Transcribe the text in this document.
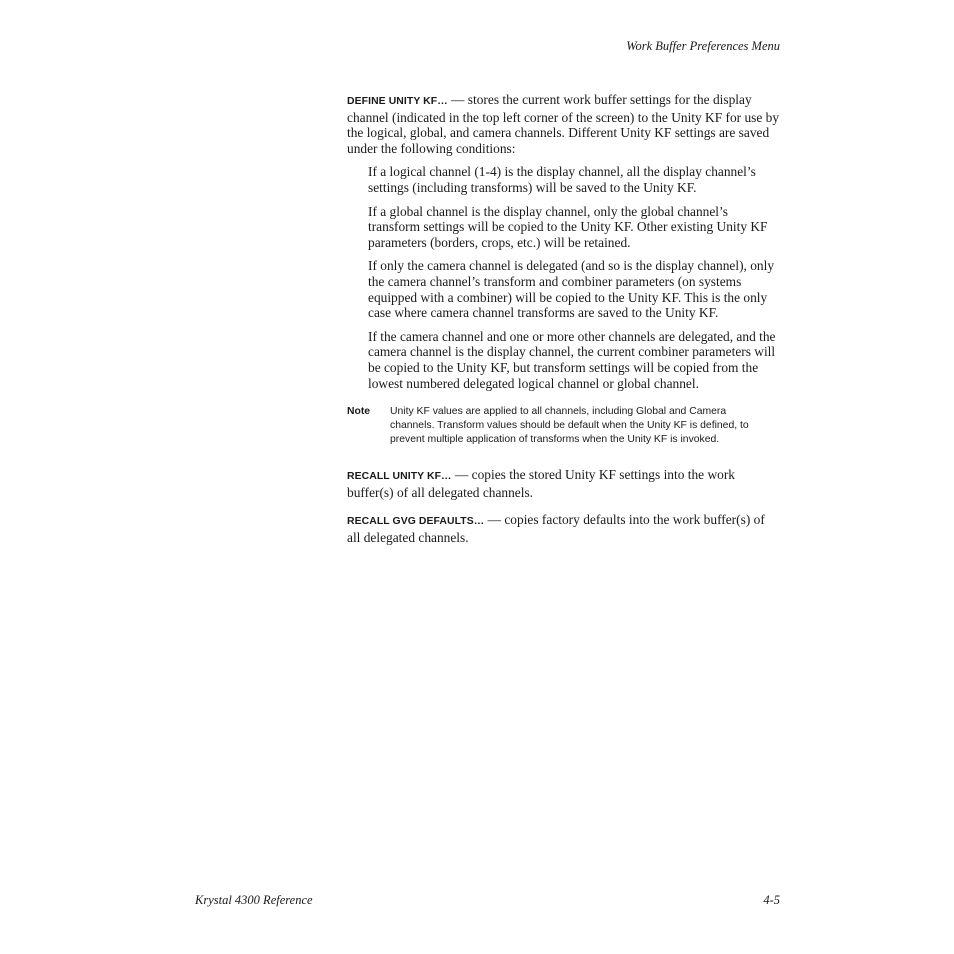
Work Buffer Preferences Menu

DEFINE UNITY KF… — stores the current work buffer settings for the display channel (indicated in the top left corner of the screen) to the Unity KF for use by the logical, global, and camera channels. Different Unity KF settings are saved under the following conditions:

If a logical channel (1-4) is the display channel, all the display channel’s settings (including transforms) will be saved to the Unity KF.

If a global channel is the display channel, only the global channel’s transform settings will be copied to the Unity KF. Other existing Unity KF parameters (borders, crops, etc.) will be retained.

If only the camera channel is delegated (and so is the display channel), only the camera channel’s transform and combiner parameters (on systems equipped with a combiner) will be copied to the Unity KF. This is the only case where camera channel transforms are saved to the Unity KF.

If the camera channel and one or more other channels are delegated, and the camera channel is the display channel, the current combiner parameters will be copied to the Unity KF, but transform settings will be copied from the lowest numbered delegated logical channel or global channel.

Note	Unity KF values are applied to all channels, including Global and Camera channels. Transform values should be default when the Unity KF is defined, to prevent multiple application of transforms when the Unity KF is invoked.

RECALL UNITY KF… — copies the stored Unity KF settings into the work buffer(s) of all delegated channels.

RECALL GVG DEFAULTS… — copies factory defaults into the work buffer(s) of all delegated channels.

Krystal 4300 Reference	4-5
